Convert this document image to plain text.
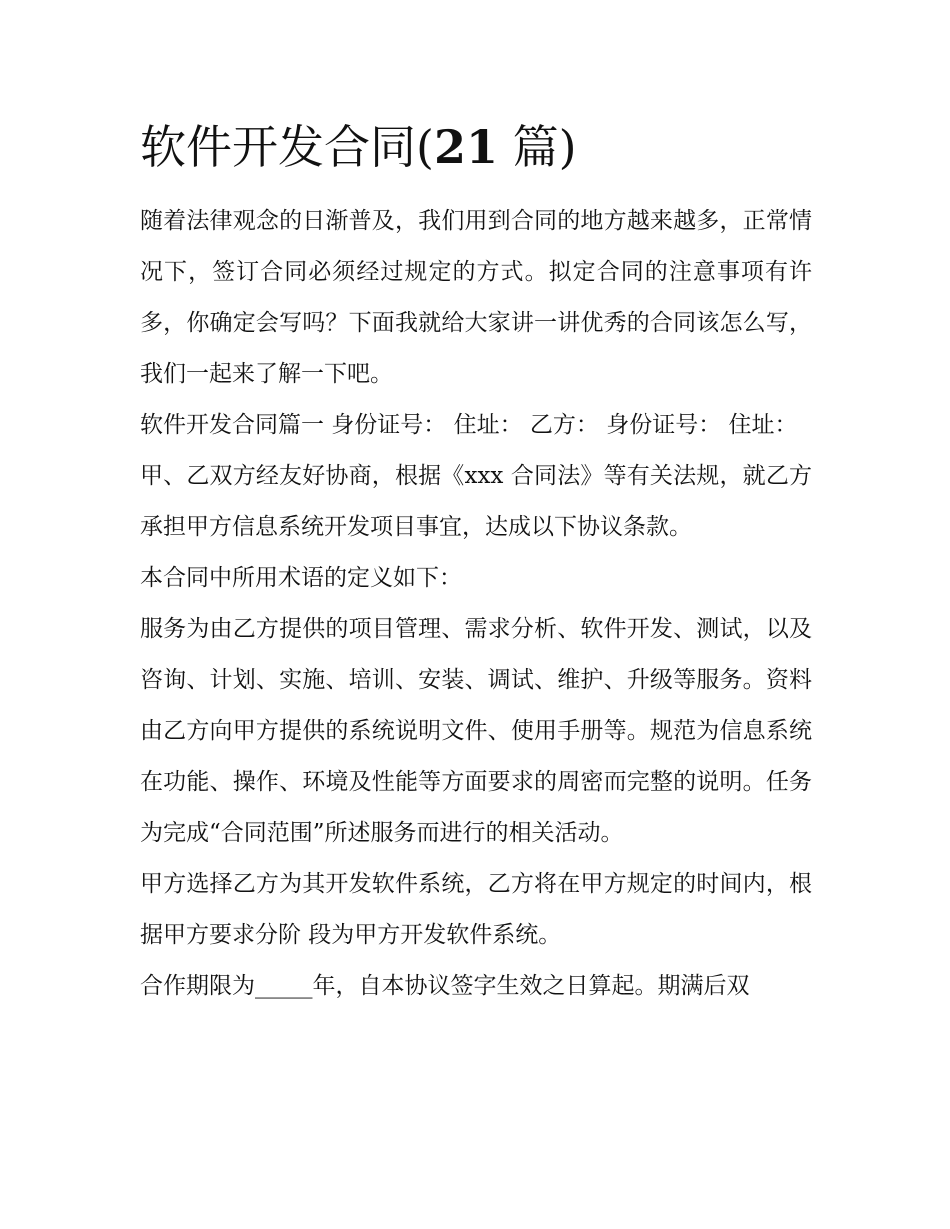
软件开发合同(21 篇)

随着法律观念的日渐普及，我们用到合同的地方越来越多，正常情况下，签订合同必须经过规定的方式。拟定合同的注意事项有许多，你确定会写吗？下面我就给大家讲一讲优秀的合同该怎么写，我们一起来了解一下吧。

软件开发合同篇一 身份证号： 住址： 乙方： 身份证号： 住址：

甲、乙双方经友好协商，根据《xxx 合同法》等有关法规，就乙方承担甲方信息系统开发项目事宜，达成以下协议条款。

本合同中所用术语的定义如下：

服务为由乙方提供的项目管理、需求分析、软件开发、测试，以及咨询、计划、实施、培训、安装、调试、维护、升级等服务。资料由乙方向甲方提供的系统说明文件、使用手册等。规范为信息系统在功能、操作、环境及性能等方面要求的周密而完整的说明。任务为完成“合同范围”所述服务而进行的相关活动。

甲方选择乙方为其开发软件系统，乙方将在甲方规定的时间内，根据甲方要求分阶 段为甲方开发软件系统。

合作期限为_____年，自本协议签字生效之日算起。期满后双
